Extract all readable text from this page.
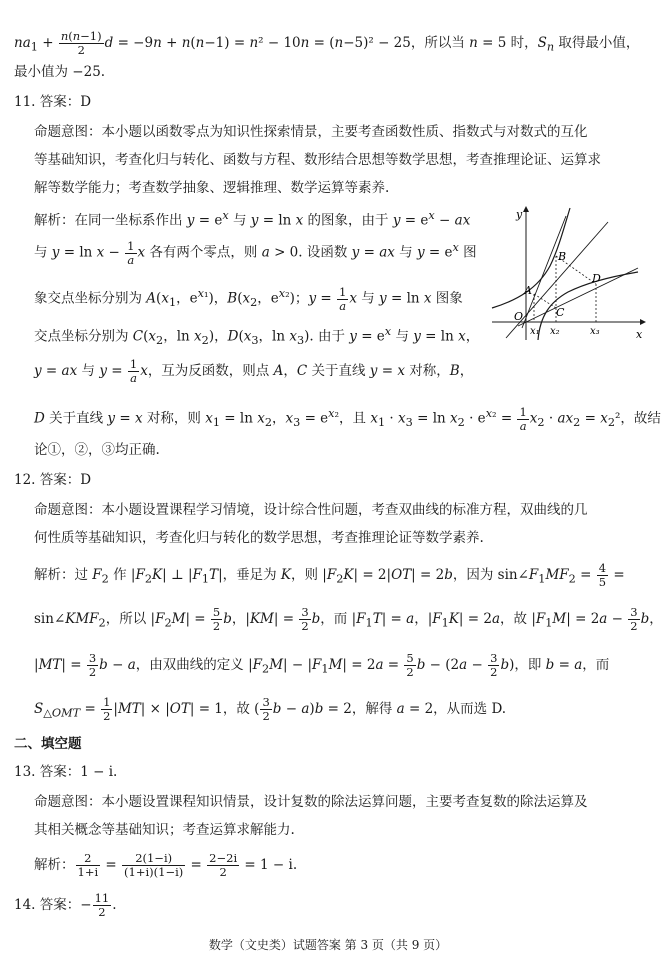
$na_1 + \frac{n(n-1)}{2}$ d = −9n + n(n−1) = n² − 10n = (n−5)² − 25，所以当 n = 5 时，$S_n$ 取得最小值，
最小值为 −25.
11. 答案：D
命题意图：本小题以函数零点为知识性探索情景，主要考查函数性质、指数式与对数式的互化
等基础知识，考查化归与转化、函数与方程、数形结合思想等数学思想，考查推理论证、运算求
解等数学能力；考查数学抽象、逻辑推理、数学运算等素养.
解析：在同一坐标系作出 $y = e^x$ 与 y = ln x 的图象，由于 $y = e^x$ − ax
与 $y = \ln x - \frac{1}{a}$ x 各有两个零点，则 a > 0. 设函数 y = ax 与 $y = e^x$ 图
象交点坐标分别为 $A(x_1$，$e^{x_1}$)，$B(x_2$，$e^{x_2}$)；$y = \frac{1}{a}$ x 与 y = ln x 图象
交点坐标分别为 $C(x_2$，$\ln x_2$)，$D(x_3$，$\ln x_3$). 由于 $y = e^x$ 与 y = ln x，
y = ax 与 $y = \frac{1}{a}$ x，互为反函数，则点 A，C 关于直线 y = x 对称，B，
D 关于直线 y = x 对称，则 $x_1 = \ln x_2$，$x_3 = e^{x_2}$，且 $x_1 \cdot x_3 = \ln x_2 \cdot e^{x_2} = \frac{1}{a} x_2 \cdot ax_2 = x_2^2$，故结
论①，②，③均正确.
y
x
O
A
B
C
D
x₁ x₂	x₃
12. 答案：D
命题意图：本小题设置课程学习情境，设计综合性问题，考查双曲线的标准方程，双曲线的几
何性质等基础知识，考查化归与转化的数学思想，考查推理论证等数学素养.
解析：过 $F_2$ 作 $|F_2K|$ ⊥ $|F_1T|$，垂足为 K，则 $|F_2K| = 2|OT| = 2b$，因为 $\sin\angle F_1MF_2 = \frac{4}{5}$ =
$\sin\angle KMF_2$，所以 $|F_2M| = \frac{5}{2}$ b，$|KM| = \frac{3}{2}$ b，而 $|F_1T| = a$，$|F_1K| = 2a$，故 $|F_1M| = 2a - \frac{3}{2}$ b，
$|MT| = \frac{3}{2}$ b − a，由双曲线的定义 $|F_2M| - |F_1M| = 2a = \frac{5}{2}$ $b - (2a - \frac{3}{2} b)$，即 b = a，而
$S_{\triangle OMT} = \frac{1}{2} |MT| \times |OT| = 1$，故 ( $\frac{3}{2}$ b − a)b = 2，解得 a = 2，从而选 D.
二、填空题
13. 答案：1 − i.
命题意图：本小题设置课程知识情景，设计复数的除法运算问题，主要考查复数的除法运算及
其相关概念等基础知识；考查运算求解能力.
解析： $\frac{2}{1+i} = \frac{2(1-i)}{(1+i)(1-i)} = \frac{2-2i}{2} = 1 - i$.
14. 答案：− $\frac{11}{2}$ .
数学（文史类）试题答案 第 3 页（共 9 页）
